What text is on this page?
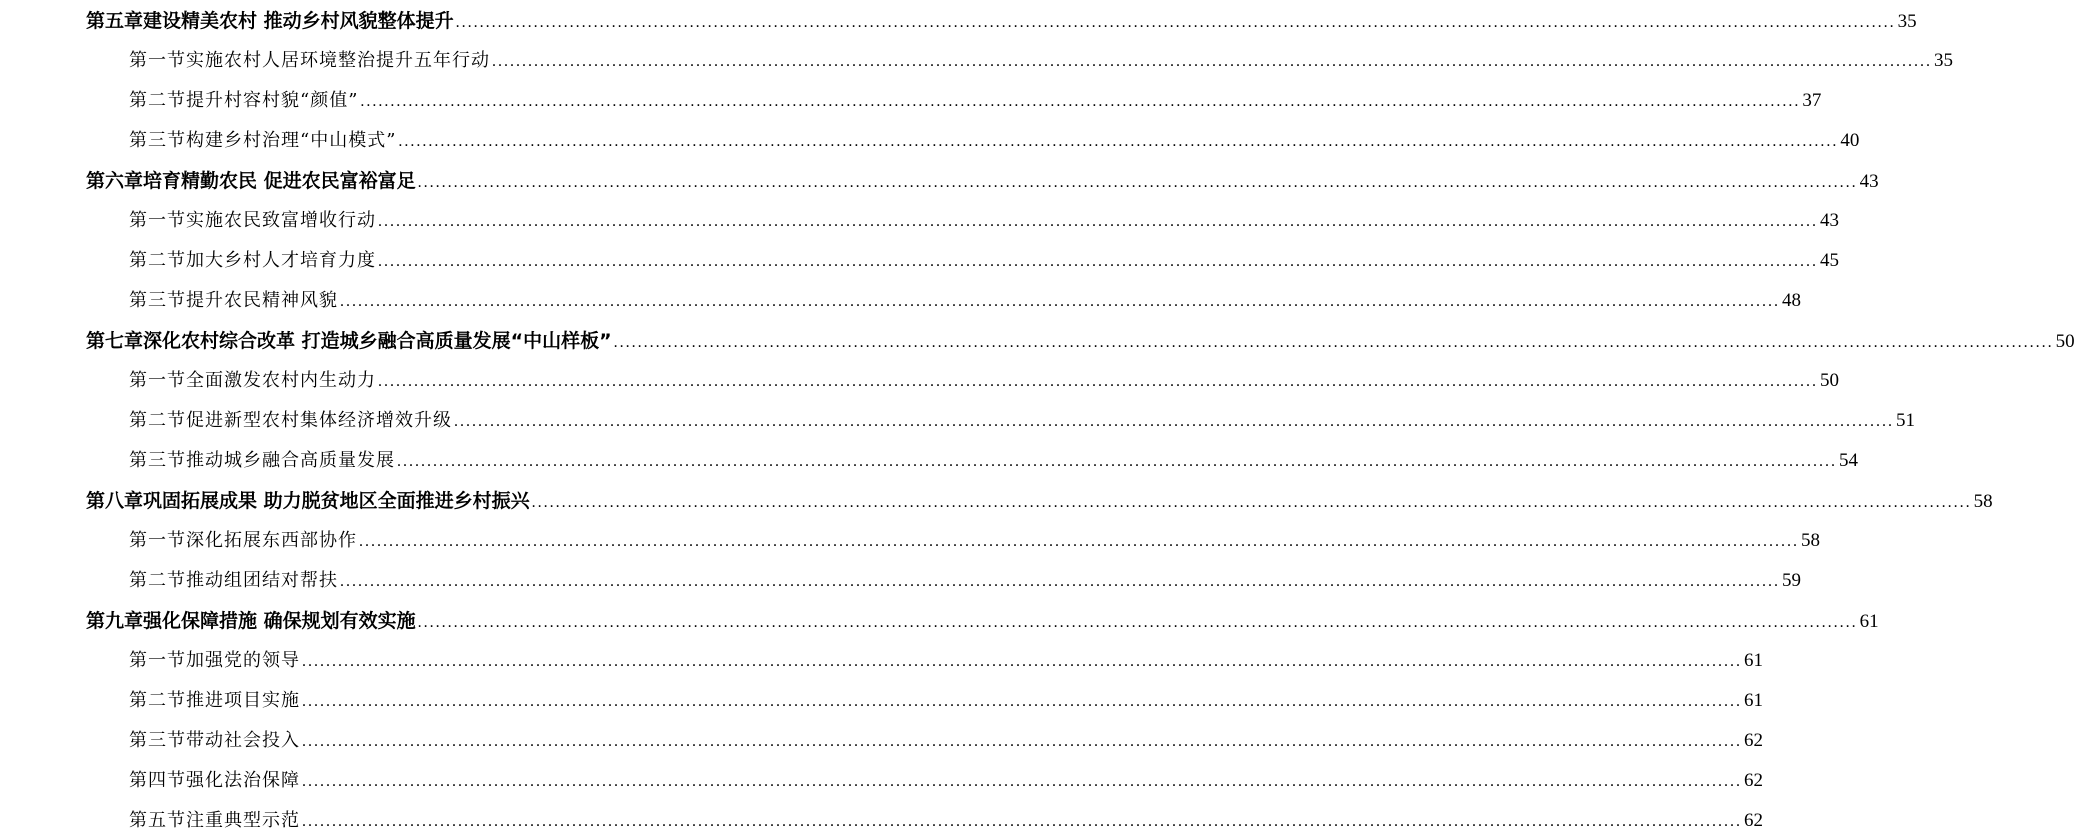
第五章 建设精美农村 推动乡村风貌整体提升 .....	35
第一节 实施农村人居环境整治提升五年行动 .....	35
第二节 提升村容村貌“颜值” .....	37
第三节 构建乡村治理“中山模式” .....	40
第六章 培育精勤农民 促进农民富裕富足 .....	43
第一节 实施农民致富增收行动 .....	43
第二节 加大乡村人才培育力度 .....	45
第三节 提升农民精神风貌 .....	48
第七章 深化农村综合改革 打造城乡融合高质量发展“中山样板” .....	50
第一节 全面激发农村内生动力 .....	50
第二节 促进新型农村集体经济增效升级 .....	51
第三节 推动城乡融合高质量发展 .....	54
第八章 巩固拓展成果 助力脱贫地区全面推进乡村振兴 .....	58
第一节 深化拓展东西部协作 .....	58
第二节 推动组团结对帮扶 .....	59
第九章 强化保障措施 确保规划有效实施 .....	61
第一节 加强党的领导 .....	61
第二节 推进项目实施 .....	61
第三节 带动社会投入 .....	62
第四节 强化法治保障 .....	62
第五节 注重典型示范 .....	62
